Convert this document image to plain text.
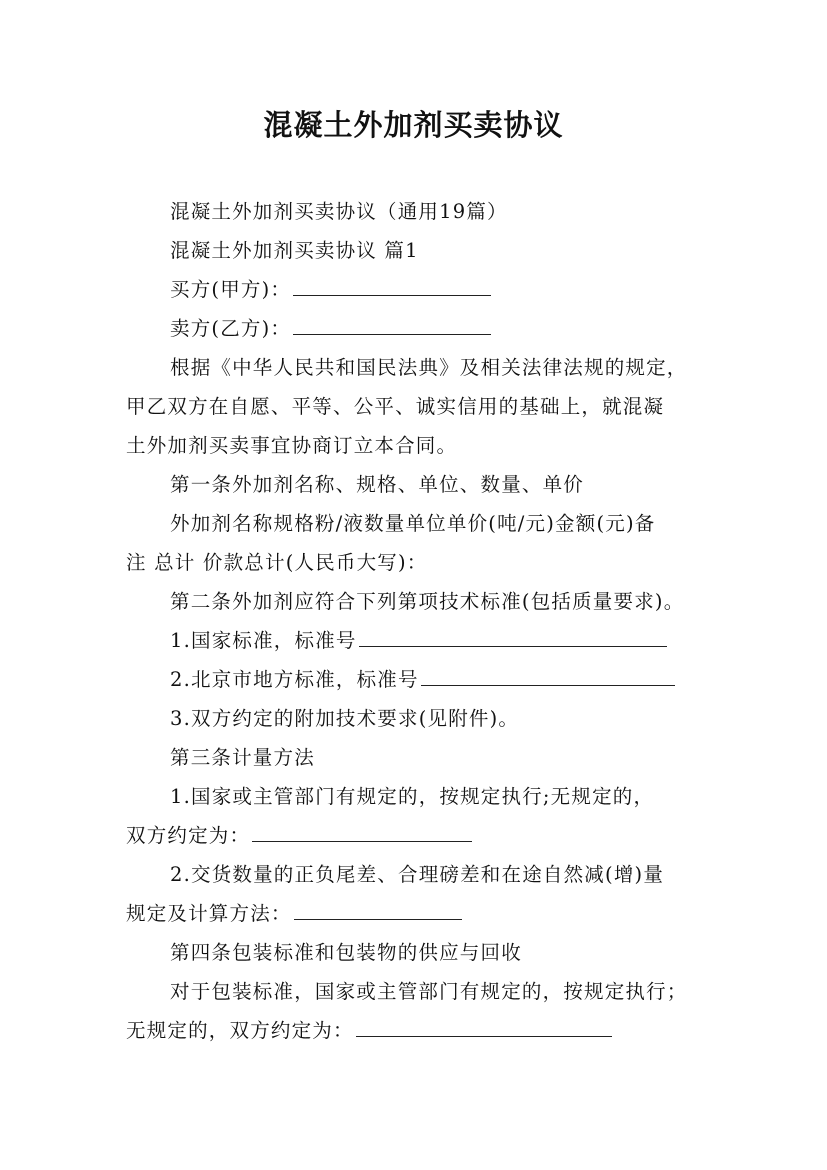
混凝土外加剂买卖协议
混凝土外加剂买卖协议（通用19篇）
混凝土外加剂买卖协议 篇1
买方(甲方)：
卖方(乙方)：
根据《中华人民共和国民法典》及相关法律法规的规定，
甲乙双方在自愿、平等、公平、诚实信用的基础上，就混凝
土外加剂买卖事宜协商订立本合同。
第一条外加剂名称、规格、单位、数量、单价
外加剂名称规格粉/液数量单位单价(吨/元)金额(元)备
注 总计 价款总计(人民币大写)：
第二条外加剂应符合下列第项技术标准(包括质量要求)。
1.国家标准，标准号
2.北京市地方标准，标准号
3.双方约定的附加技术要求(见附件)。
第三条计量方法
1.国家或主管部门有规定的，按规定执行;无规定的，
双方约定为：
2.交货数量的正负尾差、合理磅差和在途自然减(增)量
规定及计算方法：
第四条包装标准和包装物的供应与回收
对于包装标准，国家或主管部门有规定的，按规定执行；
无规定的，双方约定为：
